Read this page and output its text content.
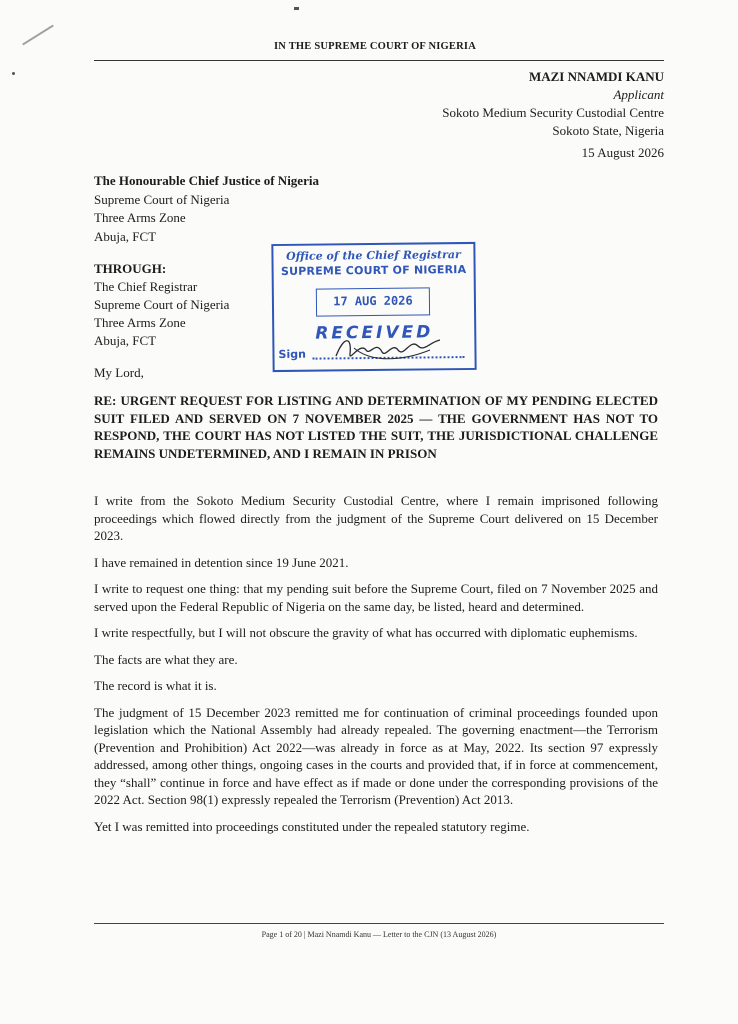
IN THE SUPREME COURT OF NIGERIA
MAZI NNAMDI KANU
Applicant
Sokoto Medium Security Custodial Centre
Sokoto State, Nigeria
15 August 2026
The Honourable Chief Justice of Nigeria
Supreme Court of Nigeria
Three Arms Zone
Abuja, FCT
THROUGH:
The Chief Registrar
Supreme Court of Nigeria
Three Arms Zone
Abuja, FCT
Office of the Chief Registrar
SUPREME COURT OF NIGERIA
17 AUG 2026
RECEIVED
Sign
My Lord,
RE: URGENT REQUEST FOR LISTING AND DETERMINATION OF MY PENDING ELECTED SUIT FILED AND SERVED ON 7 NOVEMBER 2025 — THE GOVERNMENT HAS NOT TO RESPOND, THE COURT HAS NOT LISTED THE SUIT, THE JURISDICTIONAL CHALLENGE REMAINS UNDETERMINED, AND I REMAIN IN PRISON

I write from the Sokoto Medium Security Custodial Centre, where I remain imprisoned following proceedings which flowed directly from the judgment of the Supreme Court delivered on 15 December 2023.

I have remained in detention since 19 June 2021.

I write to request one thing: that my pending suit before the Supreme Court, filed on 7 November 2025 and served upon the Federal Republic of Nigeria on the same day, be listed, heard and determined.

I write respectfully, but I will not obscure the gravity of what has occurred with diplomatic euphemisms.

The facts are what they are.

The record is what it is.

The judgment of 15 December 2023 remitted me for continuation of criminal proceedings founded upon legislation which the National Assembly had already repealed. The governing enactment—the Terrorism (Prevention and Prohibition) Act 2022—was already in force as at May, 2022. Its section 97 expressly addressed, among other things, ongoing cases in the courts and provided that, if in force at commencement, they “shall” continue in force and have effect as if made or done under the corresponding provisions of the 2022 Act. Section 98(1) expressly repealed the Terrorism (Prevention) Act 2013.

Yet I was remitted into proceedings constituted under the repealed statutory regime.

Page 1 of 20 | Mazi Nnamdi Kanu — Letter to the CJN (13 August 2026)
